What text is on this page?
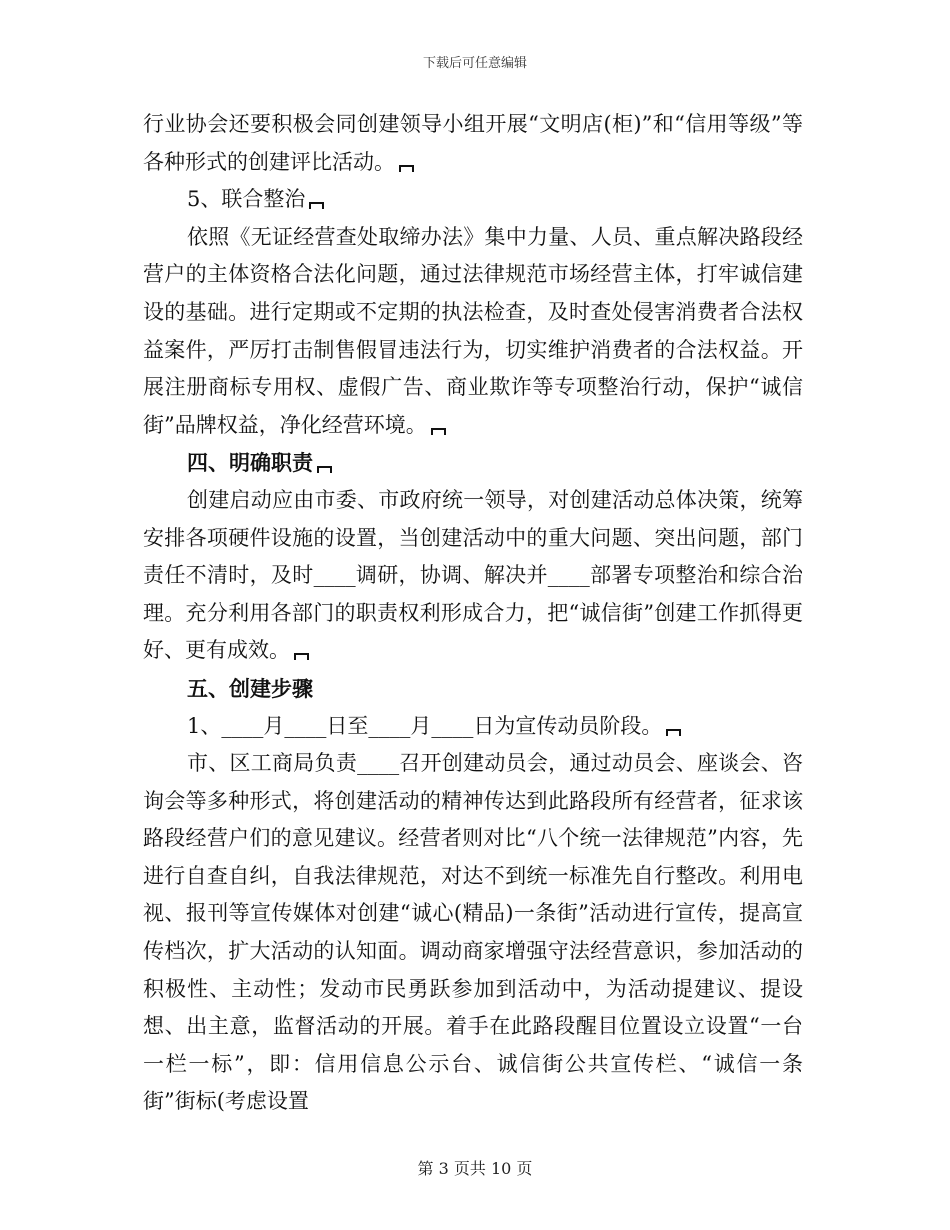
下载后可任意编辑

行业协会还要积极会同创建领导小组开展“文明店(柜)”和“信用等级”等各种形式的创建评比活动。

5、联合整治

依照《无证经营查处取缔办法》集中力量、人员、重点解决路段经营户的主体资格合法化问题，通过法律规范市场经营主体，打牢诚信建设的基础。进行定期或不定期的执法检查，及时查处侵害消费者合法权益案件，严厉打击制售假冒违法行为，切实维护消费者的合法权益。开展注册商标专用权、虚假广告、商业欺诈等专项整治行动，保护“诚信街”品牌权益，净化经营环境。

四、明确职责

创建启动应由市委、市政府统一领导，对创建活动总体决策，统筹安排各项硬件设施的设置，当创建活动中的重大问题、突出问题，部门责任不清时，及时____调研，协调、解决并____部署专项整治和综合治理。充分利用各部门的职责权利形成合力，把“诚信街”创建工作抓得更好、更有成效。

五、创建步骤

1、____月____日至____月____日为宣传动员阶段。

市、区工商局负责____召开创建动员会，通过动员会、座谈会、咨询会等多种形式，将创建活动的精神传达到此路段所有经营者，征求该路段经营户们的意见建议。经营者则对比“八个统一法律规范”内容，先进行自查自纠，自我法律规范，对达不到统一标准先自行整改。利用电视、报刊等宣传媒体对创建“诚心(精品)一条街”活动进行宣传，提高宣传档次，扩大活动的认知面。调动商家增强守法经营意识，参加活动的积极性、主动性；发动市民勇跃参加到活动中，为活动提建议、提设想、出主意，监督活动的开展。着手在此路段醒目位置设立设置“一台一栏一标”，即：信用信息公示台、诚信街公共宣传栏、“诚信一条街”街标(考虑设置

第 3 页共 10 页
